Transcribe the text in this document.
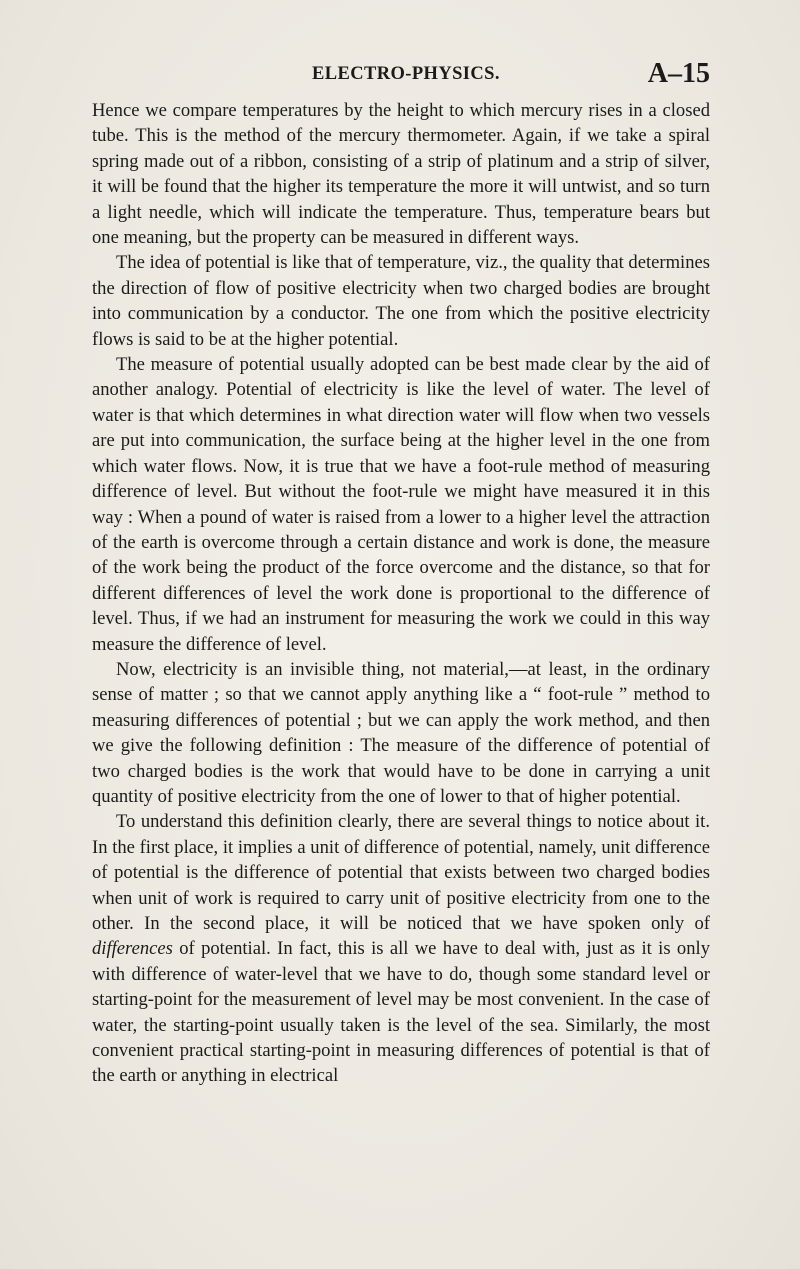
ELECTRO-PHYSICS.	A–15

Hence we compare temperatures by the height to which mercury rises in a closed tube. This is the method of the mercury thermometer. Again, if we take a spiral spring made out of a ribbon, consisting of a strip of platinum and a strip of silver, it will be found that the higher its temperature the more it will untwist, and so turn a light needle, which will indicate the temperature. Thus, temperature bears but one meaning, but the property can be measured in different ways.

The idea of potential is like that of temperature, viz., the quality that determines the direction of flow of positive electricity when two charged bodies are brought into communication by a conductor. The one from which the positive electricity flows is said to be at the higher potential.

The measure of potential usually adopted can be best made clear by the aid of another analogy. Potential of electricity is like the level of water. The level of water is that which determines in what direction water will flow when two vessels are put into communication, the surface being at the higher level in the one from which water flows. Now, it is true that we have a foot-rule method of measuring difference of level. But without the foot-rule we might have measured it in this way : When a pound of water is raised from a lower to a higher level the attraction of the earth is overcome through a certain distance and work is done, the measure of the work being the product of the force overcome and the distance, so that for different differences of level the work done is proportional to the difference of level. Thus, if we had an instrument for measuring the work we could in this way measure the difference of level.

Now, electricity is an invisible thing, not material,—at least, in the ordinary sense of matter ; so that we cannot apply anything like a “ foot-rule ” method to measuring differences of potential ; but we can apply the work method, and then we give the following definition : The measure of the difference of potential of two charged bodies is the work that would have to be done in carrying a unit quantity of positive electricity from the one of lower to that of higher potential.

To understand this definition clearly, there are several things to notice about it. In the first place, it implies a unit of difference of potential, namely, unit difference of potential is the difference of potential that exists between two charged bodies when unit of work is required to carry unit of positive electricity from one to the other. In the second place, it will be noticed that we have spoken only of differences of potential. In fact, this is all we have to deal with, just as it is only with difference of water-level that we have to do, though some standard level or starting-point for the measurement of level may be most convenient. In the case of water, the starting-point usually taken is the level of the sea. Similarly, the most convenient practical starting-point in measuring differences of potential is that of the earth or anything in electrical
